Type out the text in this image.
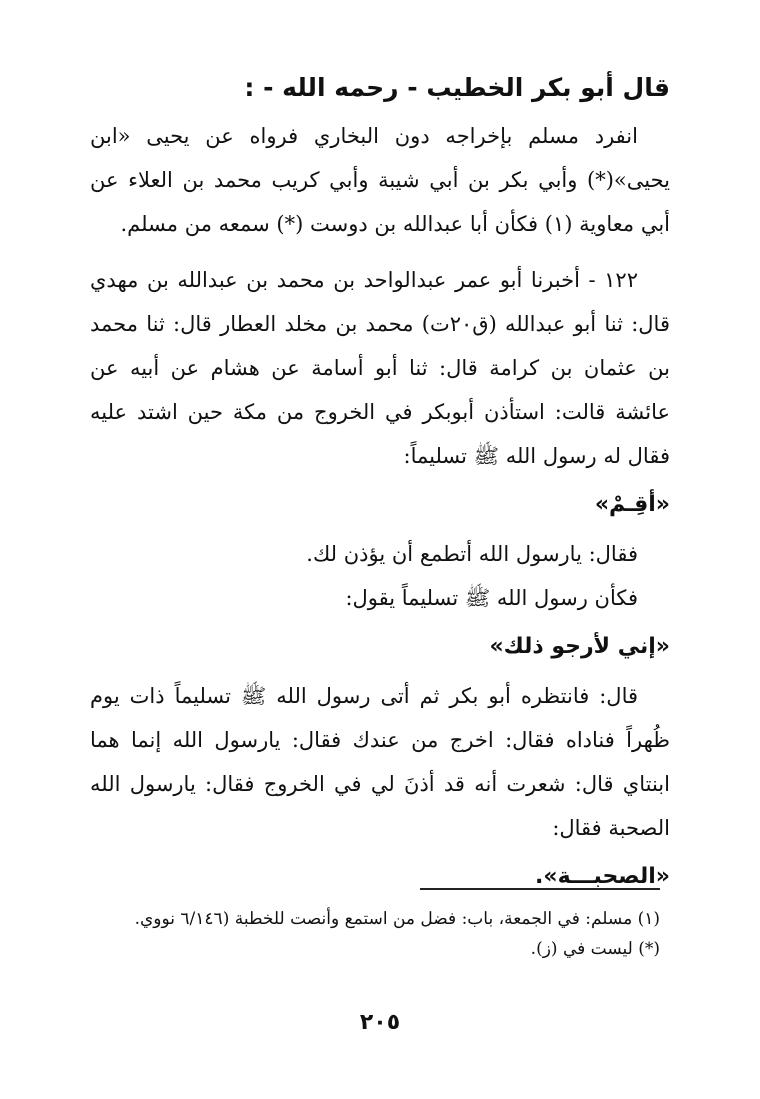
قال أبو بكر الخطيب - رحمه الله - :

انفرد مسلم بإخراجه دون البخاري فرواه عن يحيى «ابن يحيى»(*) وأبي بكر بن أبي شيبة وأبي كريب محمد بن العلاء عن أبي معاوية (١) فكأن أبا عبدالله بن دوست (*) سمعه من مسلم.

١٢٢ - أخبرنا أبو عمر عبدالواحد بن محمد بن عبدالله بن مهدي قال: ثنا أبو عبدالله (ق٢٠ت) محمد بن مخلد العطار قال: ثنا محمد بن عثمان بن كرامة قال: ثنا أبو أسامة عن هشام عن أبيه عن عائشة قالت: استأذن أبوبكر في الخروج من مكة حين اشتد عليه فقال له رسول الله ﷺ تسليماً:

«أقِـمْ»

فقال: يارسول الله أتطمع أن يؤذن لك.

فكأن رسول الله ﷺ تسليماً يقول:

«إني لأرجو ذلك»

قال: فانتظره أبو بكر ثم أتى رسول الله ﷺ تسليماً ذات يوم ظُهراً فناداه فقال: اخرج من عندك فقال: يارسول الله إنما هما ابنتاي قال: شعرت أنه قد أذنَ لي في الخروج فقال: يارسول الله الصحبة فقال:

«الصحبـــة».
(١) مسلم: في الجمعة، باب: فضل من استمع وأنصت للخطبة (٦/١٤٦ نووي.
(*) ليست في (ز).
٢٠٥
